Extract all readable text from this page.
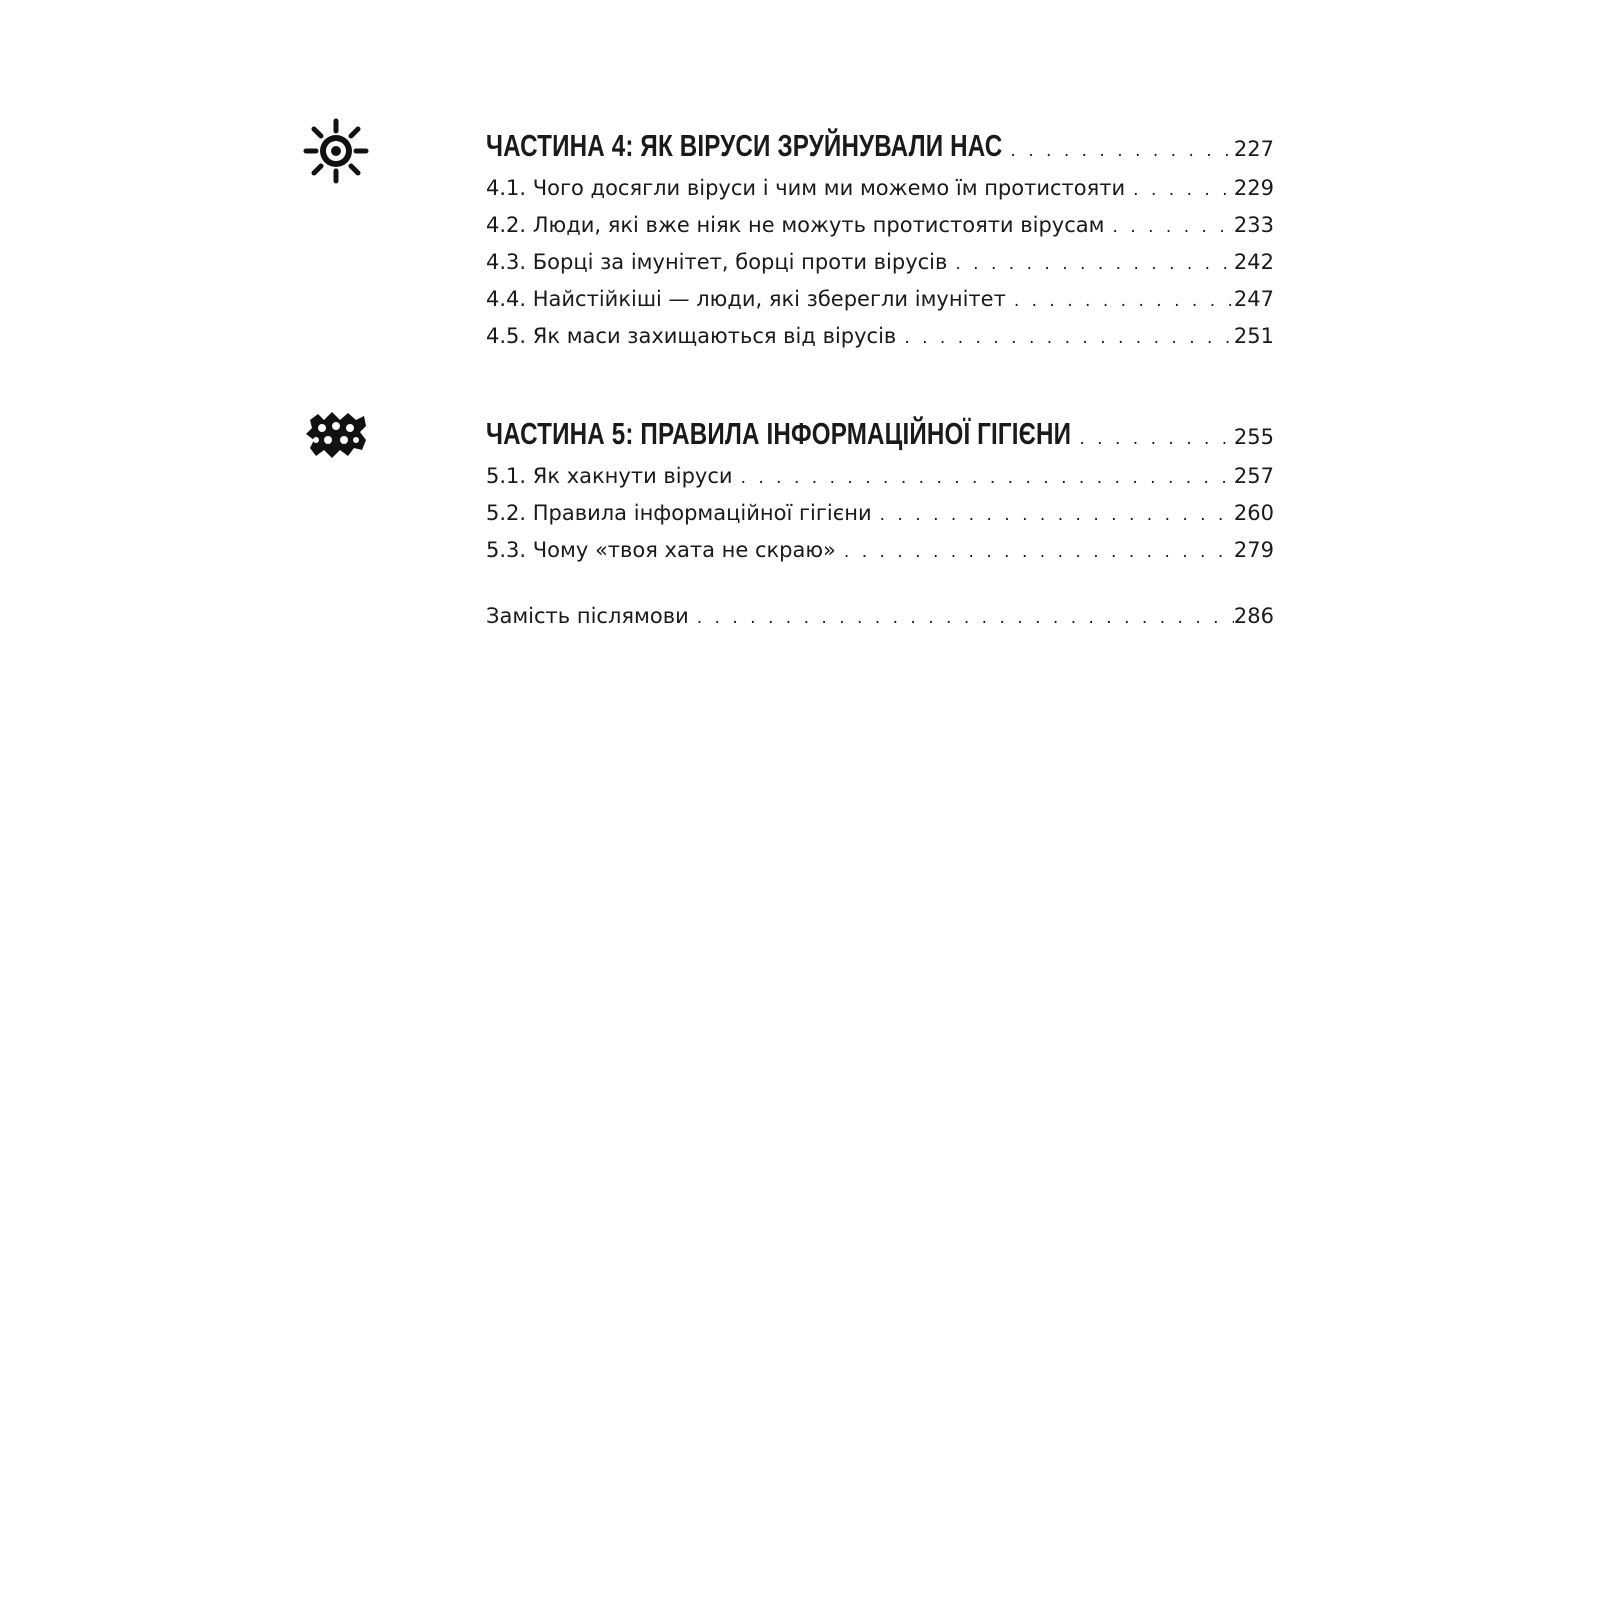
ЧАСТИНА 4: ЯК ВІРУСИ ЗРУЙНУВАЛИ НАС . . .	227
4.1. Чого досягли віруси і чим ми можемо їм протистояти . . .	229
4.2. Люди, які вже ніяк не можуть протистояти вірусам . . .	233
4.3. Борці за імунітет, борці проти вірусів . . .	242
4.4. Найстійкіші — люди, які зберегли імунітет . . .	247
4.5. Як маси захищаються від вірусів . . .	251
ЧАСТИНА 5: ПРАВИЛА ІНФОРМАЦІЙНОЇ ГІГІЄНИ . . .	255
5.1. Як хакнути віруси . . .	257
5.2. Правила інформаційної гігієни . . .	260
5.3. Чому «твоя хата не скраю» . . .	279
Замість післямови . . .	286
